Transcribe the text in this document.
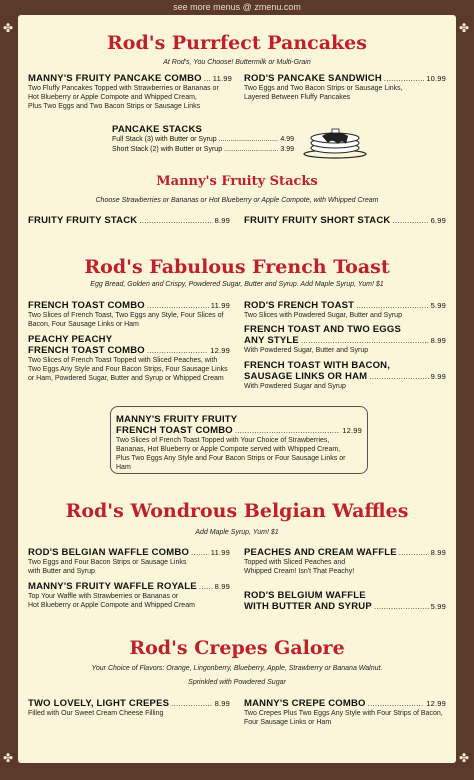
see more menus @ zmenu.com
✤	✤
✤	✤
Rod's Purrfect Pancakes
At Rod's, You Choose! Buttermilk or Multi-Grain
MANNY'S FRUITY PANCAKE COMBO ..... 11.99
Two Fluffy Pancakes Topped with Strawberries or Bananas or
Hot Blueberry or Apple Compote and Whipped Cream,
Plus Two Eggs and Two Bacon Strips or Sausage Links
ROD'S PANCAKE SANDWICH .....	10.99
Two Eggs and Two Bacon Strips or Sausage Links,
Layered Between Fluffy Pancakes
PANCAKE STACKS
Full Stack (3) with Butter or Syrup .....	4.99
Short Stack (2) with Butter or Syrup .....	3.99
Manny's Fruity Stacks
Choose Strawberries or Bananas or Hot Blueberry or Apple Compote, with Whipped Cream
FRUITY FRUITY STACK .....	8.99 FRUITY FRUITY SHORT STACK .....	6.99
Rod's Fabulous French Toast
Egg Bread, Golden and Crispy, Powdered Sugar, Butter and Syrup. Add Maple Syrup, Yum! $1
FRENCH TOAST COMBO .....	11.99
Two Slices of French Toast, Two Eggs any Style, Four Slices of
Bacon, Four Sausage Links or Ham
PEACHY PEACHY
FRENCH TOAST COMBO .....	12.99
Two Slices of French Toast Topped with Sliced Peaches, with
Two Eggs Any Style and Four Bacon Strips, Four Sausage Links
or Ham, Powdered Sugar, Butter and Syrup or Whipped Cream
ROD'S FRENCH TOAST .....	5.99
Two Slices with Powdered Sugar, Butter and Syrup
FRENCH TOAST AND TWO EGGS
ANY STYLE .....	8.99
With Powdered Sugar, Butter and Syrup
FRENCH TOAST WITH BACON,
SAUSAGE LINKS OR HAM .....	9.99
With Powdered Sugar and Syrup
MANNY'S FRUITY FRUITY
FRENCH TOAST COMBO .....	12.99
Two Slices of French Toast Topped with Your Choice of Strawberries,
Bananas, Hot Blueberry or Apple Compote served with Whipped Cream,
Plus Two Eggs Any Style and Four Bacon Strips or Four Sausage Links or Ham
Rod's Wondrous Belgian Waffles
Add Maple Syrup, Yum! $1
ROD'S BELGIAN WAFFLE COMBO .....	11.99
Two Eggs and Four Bacon Strips or Sausage Links
with Butter and Syrup
MANNY'S FRUITY WAFFLE ROYALE ..... 8.99
Top Your Waffle with Strawberries or Bananas or
Hot Blueberry or Apple Compote and Whipped Cream
PEACHES AND CREAM WAFFLE .....	8.99
Topped with Sliced Peaches and
Whipped Cream! Isn't That Peachy!
ROD'S BELGIUM WAFFLE
WITH BUTTER AND SYRUP .....	5.99
Rod's Crepes Galore
Your Choice of Flavors: Orange, Lingonberry, Blueberry, Apple, Strawberry or Banana Walnut.
Sprinkled with Powdered Sugar
TWO LOVELY, LIGHT CREPES .....	8.99
Filled with Our Sweet Cream Cheese Filling
MANNY'S CREPE COMBO .....	12.99
Two Crepes Plus Two Eggs Any Style with Four Strips of Bacon,
Four Sausage Links or Ham
